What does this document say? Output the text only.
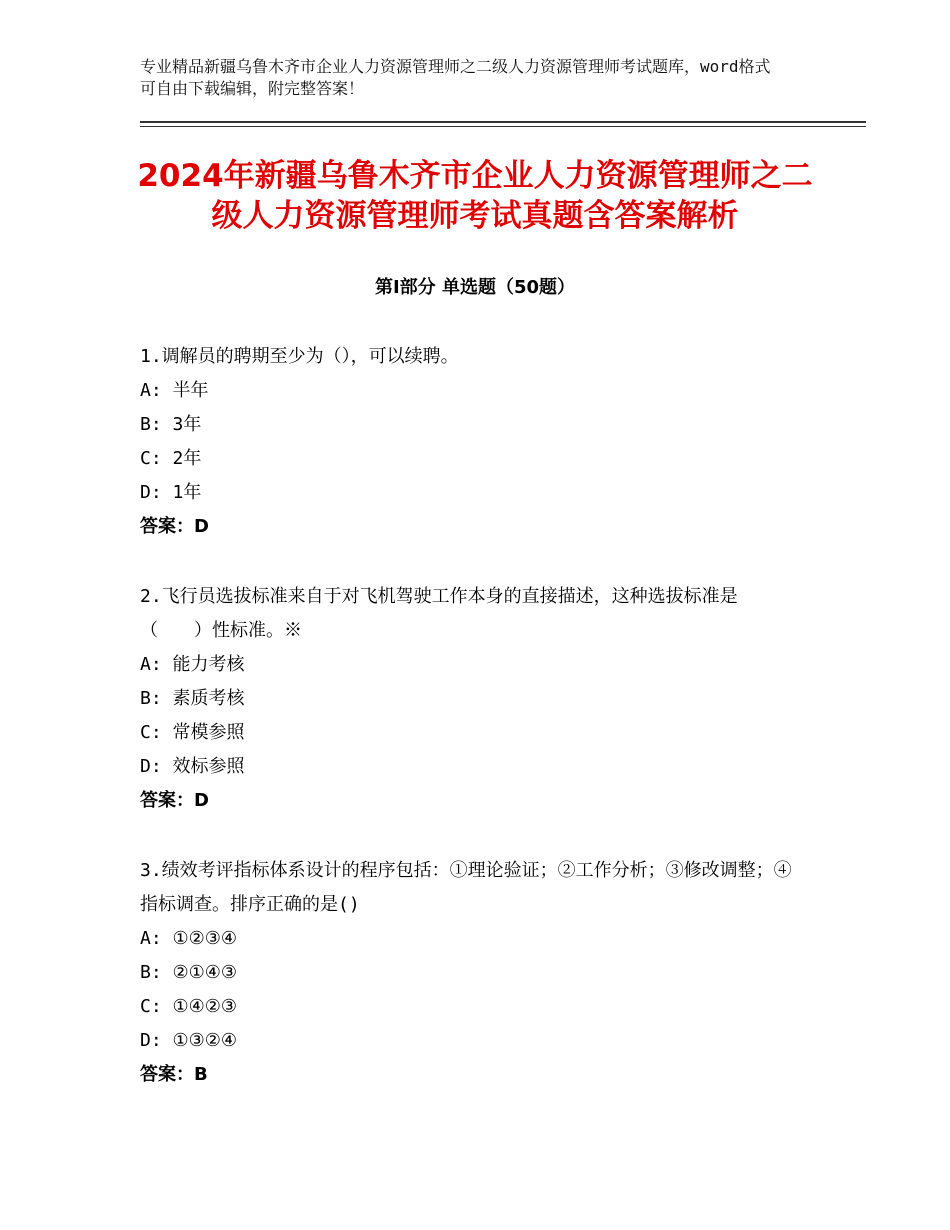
专业精品新疆乌鲁木齐市企业人力资源管理师之二级人力资源管理师考试题库，word格式可自由下载编辑，附完整答案！
2024年新疆乌鲁木齐市企业人力资源管理师之二级人力资源管理师考试真题含答案解析
第Ⅰ部分 单选题（50题）
1.调解员的聘期至少为（），可以续聘。
A: 半年
B: 3年
C: 2年
D: 1年
答案：D
2.飞行员选拔标准来自于对飞机驾驶工作本身的直接描述，这种选拔标准是（　　）性标准。※
A: 能力考核
B: 素质考核
C: 常模参照
D: 效标参照
答案：D
3.绩效考评指标体系设计的程序包括：①理论验证；②工作分析；③修改调整；④指标调查。排序正确的是()
A: ①②③④
B: ②①④③
C: ①④②③
D: ①③②④
答案：B
